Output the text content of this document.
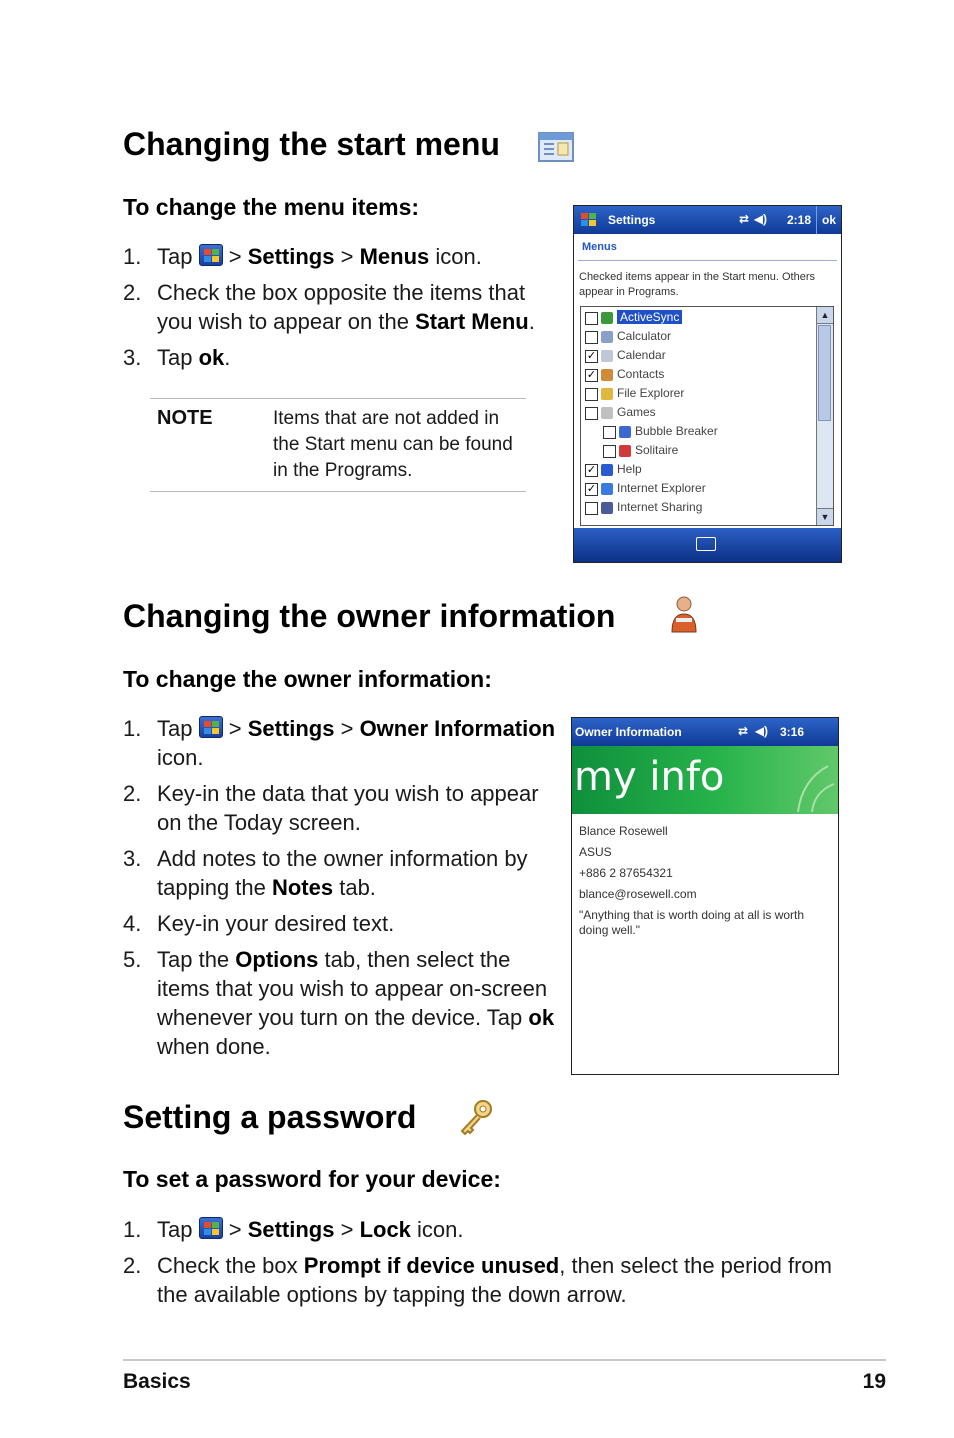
Changing the start menu
To change the menu items:
1. Tap
> Settings > Menus icon.
2. Check the box opposite the items that you wish to appear on the Start Menu.
3. Tap ok.
NOTE	Items that are not added in the Start menu can be found in the Programs.
Settings	⇄ ◀) 2:18 ok
Menus
Checked items appear in the Start menu. Others appear in Programs.
▲
▼
ActiveSync
Calculator
✓ Calendar
✓ Contacts
File Explorer
Games
Bubble Breaker
Solitaire
✓ Help
✓ Internet Explorer
Internet Sharing
Changing the owner information
To change the owner information:
1. Tap
> Settings > Owner Information icon.
2. Key-in the data that you wish to appear on the Today screen.
3. Add notes to the owner information by tapping the Notes tab.
4. Key-in your desired text.
5. Tap the Options tab, then select the items that you wish to appear on-screen whenever you turn on the device. Tap ok when done.
Owner Information	⇄ ◀) 3:16
my info
Blance Rosewell
ASUS
+886 2 87654321
blance@rosewell.com
"Anything that is worth doing at all is worth doing well."
Setting a password
To set a password for your device:
1. Tap
> Settings > Lock icon.
2. Check the box Prompt if device unused, then select the period from the available options by tapping the down arrow.
Basics	19
